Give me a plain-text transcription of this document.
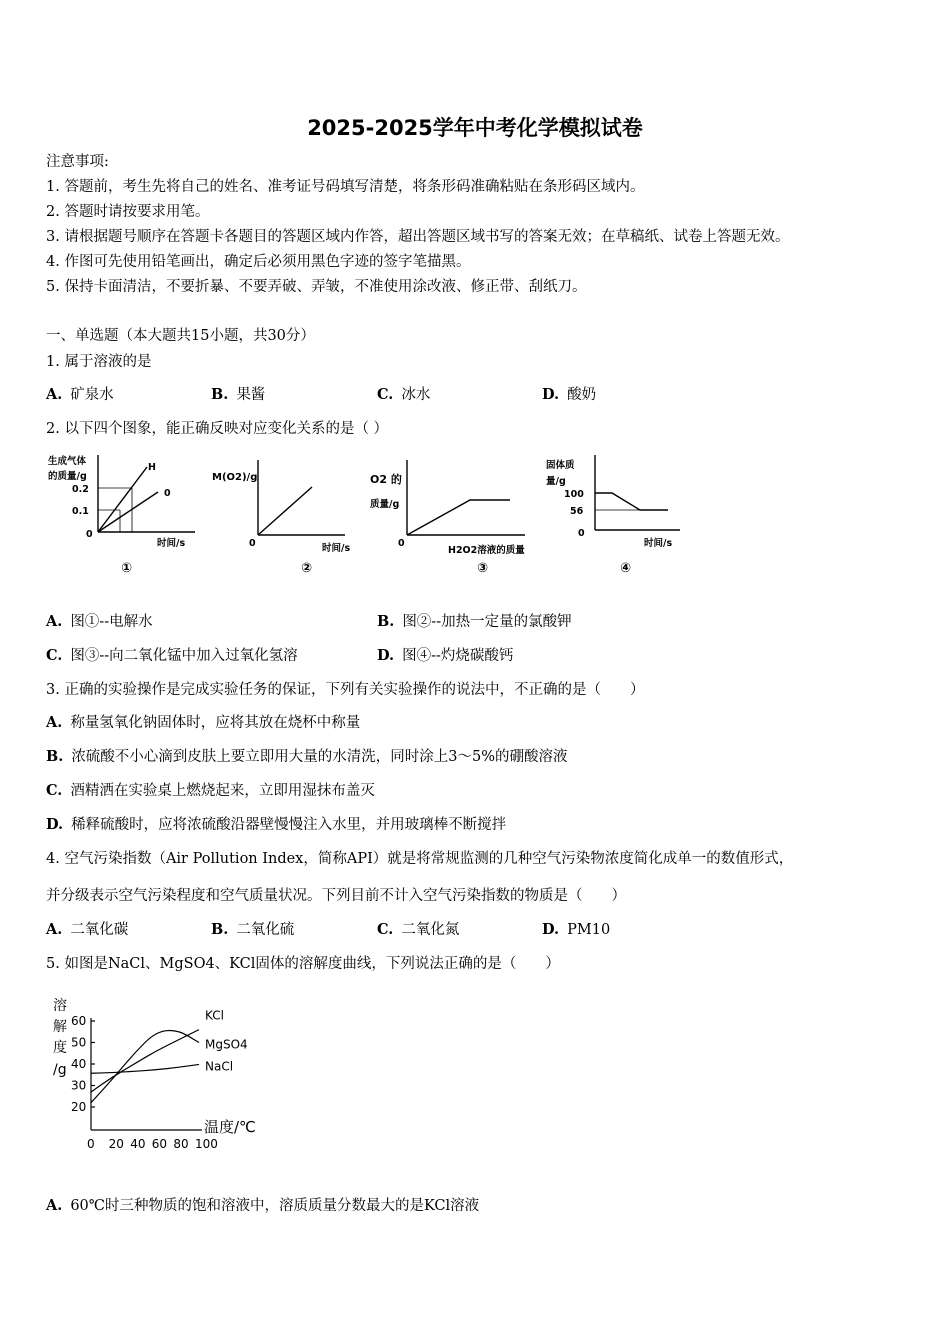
2025-2025学年中考化学模拟试卷
注意事项:
1. 答题前，考生先将自己的姓名、准考证号码填写清楚，将条形码准确粘贴在条形码区域内。
2. 答题时请按要求用笔。
3. 请根据题号顺序在答题卡各题目的答题区域内作答，超出答题区域书写的答案无效；在草稿纸、试卷上答题无效。
4. 作图可先使用铅笔画出，确定后必须用黑色字迹的签字笔描黑。
5. 保持卡面清洁，不要折暴、不要弄破、弄皱，不准使用涂改液、修正带、刮纸刀。
一、单选题（本大题共15小题，共30分）
1. 属于溶液的是
A. 矿泉水	B. 果酱	C. 冰水	D. 酸奶
2. 以下四个图象，能正确反映对应变化关系的是（ ）
生成气体
的质量/g
0.2
0.1
0
H
0
时间/s
①
M(O2)/g
0	时间/s
②
O2 的
质量/g
0
H2O2溶液的质量
③
固体质
量/g
100
56
0
时间/s
④
A. 图①--电解水	B. 图②--加热一定量的氯酸钾
C. 图③--向二氧化锰中加入过氧化氢溶	D. 图④--灼烧碳酸钙
3. 正确的实验操作是完成实验任务的保证，下列有关实验操作的说法中，不正确的是（　　）
A. 称量氢氧化钠固体时，应将其放在烧杯中称量
B. 浓硫酸不小心滴到皮肤上要立即用大量的水清洗，同时涂上3～5%的硼酸溶液
C. 酒精洒在实验桌上燃烧起来，立即用湿抹布盖灭
D. 稀释硫酸时，应将浓硫酸沿器壁慢慢注入水里，并用玻璃棒不断搅拌
4. 空气污染指数（Air Pollution Index，简称API）就是将常规监测的几种空气污染物浓度简化成单一的数值形式，
并分级表示空气污染程度和空气质量状况。下列目前不计入空气污染指数的物质是（　　）
A. 二氧化碳	B. 二氧化硫	C. 二氧化氮	D. PM10
5. 如图是NaCl、MgSO4、KCl固体的溶解度曲线，下列说法正确的是（　　）
溶
解
度
/g
温度/℃
60
50
40
30
20
0 20 40 60 80 100
KCl
MgSO4
NaCl
A. 60℃时三种物质的饱和溶液中，溶质质量分数最大的是KCl溶液
